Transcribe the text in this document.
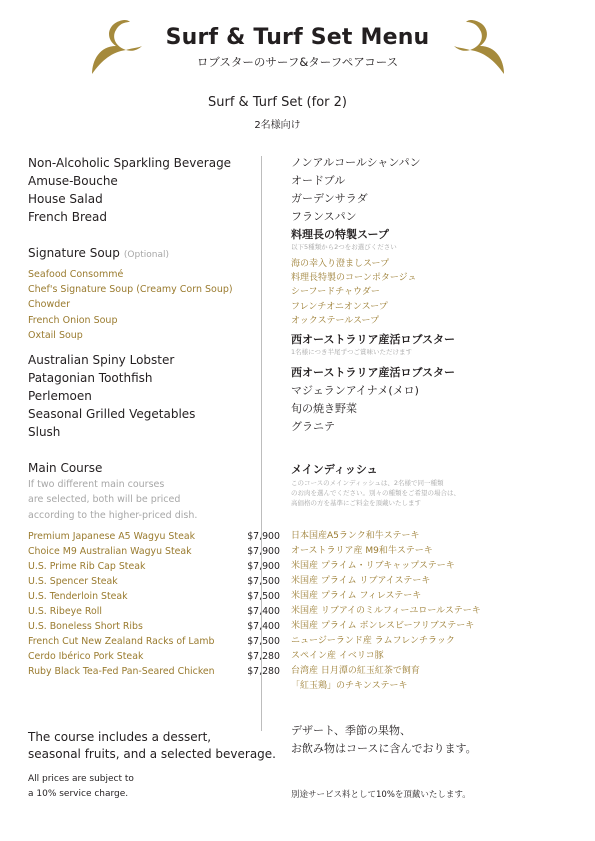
Surf & Turf Set Menu
ロブスターのサーフ&ターフペアコース
Surf & Turf Set (for 2)
2名様向け
Non-Alcoholic Sparkling Beverage
Amuse-Bouche
House Salad
French Bread
Signature Soup (Optional)
Seafood Consommé
Chef's Signature Soup (Creamy Corn Soup)
Chowder
French Onion Soup
Oxtail Soup
Australian Spiny Lobster
Patagonian Toothfish
Perlemoen
Seasonal Grilled Vegetables
Slush
Main Course
If two different main courses
are selected, both will be priced
according to the higher-priced dish.
Premium Japanese A5 Wagyu Steak	$7,900
Choice M9 Australian Wagyu Steak	$7,900
U.S. Prime Rib Cap Steak	$7,900
U.S. Spencer Steak	$7,500
U.S. Tenderloin Steak	$7,500
U.S. Ribeye Roll	$7,400
U.S. Boneless Short Ribs	$7,400
French Cut New Zealand Racks of Lamb	$7,500
Cerdo Ibérico Pork Steak	$7,280
Ruby Black Tea-Fed Pan-Seared Chicken	$7,280
The course includes a dessert,
seasonal fruits, and a selected beverage.
All prices are subject to
a 10% service charge.
ノンアルコールシャンパン
オードブル
ガーデンサラダ
フランスパン
料理長の特製スープ
以下5種類から2つをお選びください
海の幸入り澄ましスープ
料理長特製のコーンポタージュ
シーフードチャウダー
フレンチオニオンスープ
オックステールスープ
西オーストラリア産活ロブスター
1名様につき半尾ずつご賞味いただけます
西オーストラリア産活ロブスター
マジェランアイナメ(メロ)
旬の焼き野菜
グラニテ
メインディッシュ
このコースのメインディッシュは、2名様で同一種類
のお肉を選んでください。別々の種類をご希望の場合は、
高価格の方を基準にご料金を頂戴いたします
日本国産A5ランク和牛ステーキ
オーストラリア産 M9和牛ステーキ
米国産 プライム・リブキャップステーキ
米国産 プライム リブアイステーキ
米国産 プライム フィレステーキ
米国産 リブアイのミルフィーユロールステーキ
米国産 プライム ボンレスビーフリブステーキ
ニュージーランド産 ラムフレンチラック
スペイン産 イベリコ豚
台湾産 日月潭の紅玉紅茶で飼育
「紅玉鶏」のチキンステーキ
デザート、季節の果物、
お飲み物はコースに含んでおります。
別途サービス料として10%を頂戴いたします。
